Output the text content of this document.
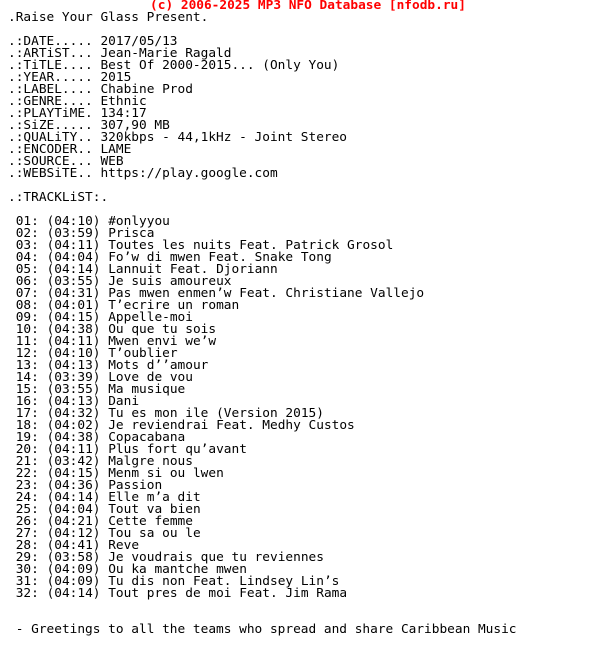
(c) 2006-2025 MP3 NFO Database [nfodb.ru]
.Raise Your Glass Present.
.:DATE..... 2017/05/13
.:ARTiST... Jean-Marie Ragald
.:TiTLE.... Best Of 2000-2015... (Only You)
.:YEAR..... 2015
.:LABEL.... Chabine Prod
.:GENRE.... Ethnic
.:PLAYTiME. 134:17
.:SiZE..... 307,90 MB
.:QUALiTY.. 320kbps - 44,1kHz - Joint Stereo
.:ENCODER.. LAME
.:SOURCE... WEB
.:WEBSiTE.. https://play.google.com
.:TRACKLiST:.
01: (04:10) #onlyyou
02: (03:59) Prisca
03: (04:11) Toutes les nuits Feat. Patrick Grosol
04: (04:04) Fo’w di mwen Feat. Snake Tong
05: (04:14) Lannuit Feat. Djoriann
06: (03:55) Je suis amoureux
07: (04:31) Pas mwen enmen’w Feat. Christiane Vallejo
08: (04:01) T’ecrire un roman
09: (04:15) Appelle-moi
10: (04:38) Ou que tu sois
11: (04:11) Mwen envi we’w
12: (04:10) T’oublier
13: (04:13) Mots d’’amour
14: (03:39) Love de vou
15: (03:55) Ma musique
16: (04:13) Dani
17: (04:32) Tu es mon ile (Version 2015)
18: (04:02) Je reviendrai Feat. Medhy Custos
19: (04:38) Copacabana
20: (04:11) Plus fort qu’avant
21: (03:42) Malgre nous
22: (04:15) Menm si ou lwen
23: (04:36) Passion
24: (04:14) Elle m’a dit
25: (04:04) Tout va bien
26: (04:21) Cette femme
27: (04:12) Tou sa ou le
28: (04:41) Reve
29: (03:58) Je voudrais que tu reviennes
30: (04:09) Ou ka mantche mwen
31: (04:09) Tu dis non Feat. Lindsey Lin’s
32: (04:14) Tout pres de moi Feat. Jim Rama
- Greetings to all the teams who spread and share Caribbean Music
